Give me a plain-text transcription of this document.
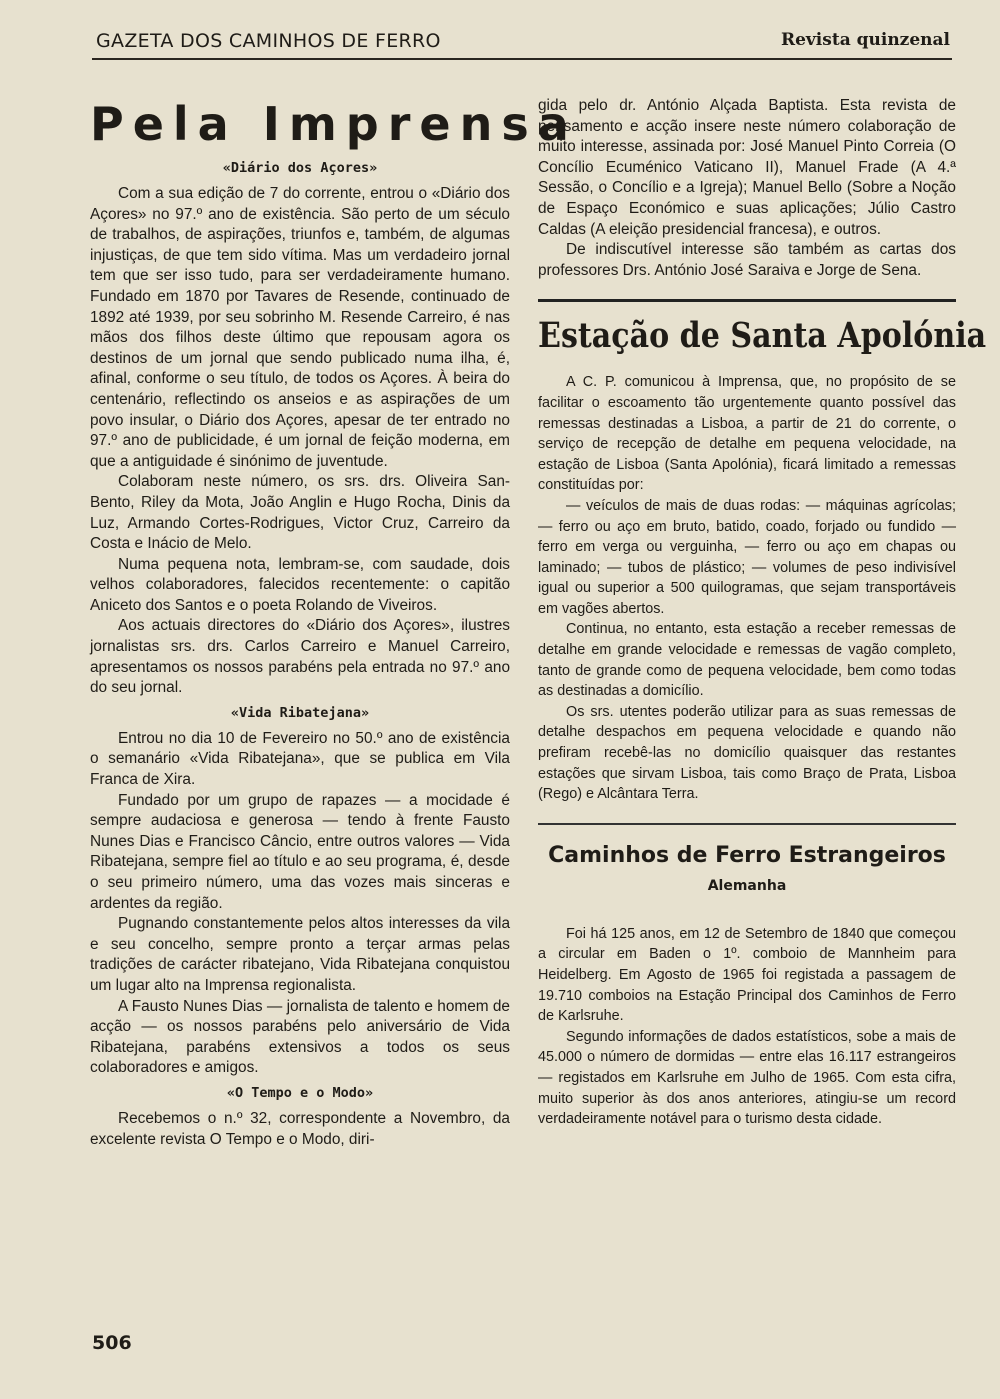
GAZETA DOS CAMINHOS DE FERRO	Revista quinzenal
Pela Imprensa
«Diário dos Açores»

Com a sua edição de 7 do corrente, entrou o «Diário dos Açores» no 97.º ano de existência. São perto de um século de trabalhos, de aspirações, triunfos e, também, de algumas injustiças, de que tem sido vítima. Mas um verdadeiro jornal tem que ser isso tudo, para ser verdadeiramente humano. Fundado em 1870 por Tavares de Resende, continuado de 1892 até 1939, por seu sobrinho M. Resende Carreiro, é nas mãos dos filhos deste último que repousam agora os destinos de um jornal que sendo publicado numa ilha, é, afinal, conforme o seu título, de todos os Açores. À beira do centenário, reflectindo os anseios e as aspirações de um povo insular, o Diário dos Açores, apesar de ter entrado no 97.º ano de publicidade, é um jornal de feição moderna, em que a antiguidade é sinónimo de juventude.

Colaboram neste número, os srs. drs. Oliveira San-Bento, Riley da Mota, João Anglin e Hugo Rocha, Dinis da Luz, Armando Cortes-Rodrigues, Victor Cruz, Carreiro da Costa e Inácio de Melo.

Numa pequena nota, lembram-se, com saudade, dois velhos colaboradores, falecidos recentemente: o capitão Aniceto dos Santos e o poeta Rolando de Viveiros.

Aos actuais directores do «Diário dos Açores», ilustres jornalistas srs. drs. Carlos Carreiro e Manuel Carreiro, apresentamos os nossos parabéns pela entrada no 97.º ano do seu jornal.

«Vida Ribatejana»

Entrou no dia 10 de Fevereiro no 50.º ano de existência o semanário «Vida Ribatejana», que se publica em Vila Franca de Xira.

Fundado por um grupo de rapazes — a mocidade é sempre audaciosa e generosa — tendo à frente Fausto Nunes Dias e Francisco Câncio, entre outros valores — Vida Ribatejana, sempre fiel ao título e ao seu programa, é, desde o seu primeiro número, uma das vozes mais sinceras e ardentes da região.

Pugnando constantemente pelos altos interesses da vila e seu concelho, sempre pronto a terçar armas pelas tradições de carácter ribatejano, Vida Ribatejana conquistou um lugar alto na Imprensa regionalista.

A Fausto Nunes Dias — jornalista de talento e homem de acção — os nossos parabéns pelo aniversário de Vida Ribatejana, parabéns extensivos a todos os seus colaboradores e amigos.

«O Tempo e o Modo»

Recebemos o n.º 32, correspondente a Novembro, da excelente revista O Tempo e o Modo, diri-

gida pelo dr. António Alçada Baptista. Esta revista de pensamento e acção insere neste número colaboração de muito interesse, assinada por: José Manuel Pinto Correia (O Concílio Ecuménico Vaticano II), Manuel Frade (A 4.ª Sessão, o Concílio e a Igreja); Manuel Bello (Sobre a Noção de Espaço Económico e suas aplicações; Júlio Castro Caldas (A eleição presidencial francesa), e outros.

De indiscutível interesse são também as cartas dos professores Drs. António José Saraiva e Jorge de Sena.

Estação de Santa Apolónia

A C. P. comunicou à Imprensa, que, no propósito de se facilitar o escoamento tão urgentemente quanto possível das remessas destinadas a Lisboa, a partir de 21 do corrente, o serviço de recepção de detalhe em pequena velocidade, na estação de Lisboa (Santa Apolónia), ficará limitado a remessas constituídas por:

— veículos de mais de duas rodas: — máquinas agrícolas; — ferro ou aço em bruto, batido, coado, forjado ou fundido — ferro em verga ou verguinha, — ferro ou aço em chapas ou laminado; — tubos de plástico; — volumes de peso indivisível igual ou superior a 500 quilogramas, que sejam transportáveis em vagões abertos.

Continua, no entanto, esta estação a receber remessas de detalhe em grande velocidade e remessas de vagão completo, tanto de grande como de pequena velocidade, bem como todas as destinadas a domicílio.

Os srs. utentes poderão utilizar para as suas remessas de detalhe despachos em pequena velocidade e quando não prefiram recebê-las no domicílio quaisquer das restantes estações que sirvam Lisboa, tais como Braço de Prata, Lisboa (Rego) e Alcântara Terra.

Caminhos de Ferro Estrangeiros
Alemanha

Foi há 125 anos, em 12 de Setembro de 1840 que começou a circular em Baden o 1º. comboio de Mannheim para Heidelberg. Em Agosto de 1965 foi registada a passagem de 19.710 comboios na Estação Principal dos Caminhos de Ferro de Karlsruhe.

Segundo informações de dados estatísticos, sobe a mais de 45.000 o número de dormidas — entre elas 16.117 estrangeiros — registados em Karlsruhe em Julho de 1965. Com esta cifra, muito superior às dos anos anteriores, atingiu-se um record verdadeiramente notável para o turismo desta cidade.

506
